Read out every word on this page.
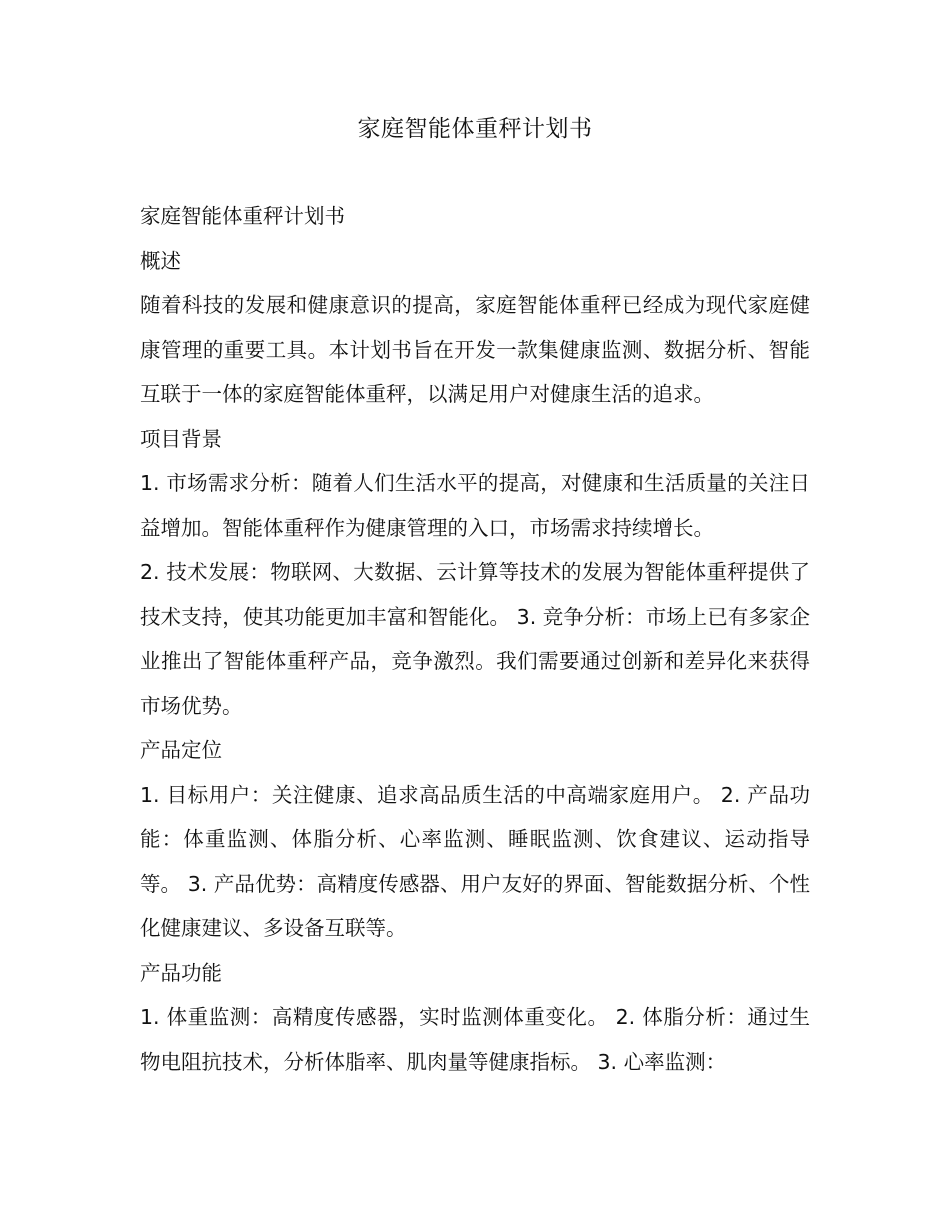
家庭智能体重秤计划书

家庭智能体重秤计划书

概述

随着科技的发展和健康意识的提高，家庭智能体重秤已经成为现代家庭健康管理的重要工具。本计划书旨在开发一款集健康监测、数据分析、智能互联于一体的家庭智能体重秤，以满足用户对健康生活的追求。

项目背景

1. 市场需求分析：随着人们生活水平的提高，对健康和生活质量的关注日益增加。智能体重秤作为健康管理的入口，市场需求持续增长。

2. 技术发展：物联网、大数据、云计算等技术的发展为智能体重秤提供了技术支持，使其功能更加丰富和智能化。 3. 竞争分析：市场上已有多家企业推出了智能体重秤产品，竞争激烈。我们需要通过创新和差异化来获得市场优势。

产品定位

1. 目标用户：关注健康、追求高品质生活的中高端家庭用户。 2. 产品功能：体重监测、体脂分析、心率监测、睡眠监测、饮食建议、运动指导等。 3. 产品优势：高精度传感器、用户友好的界面、智能数据分析、个性化健康建议、多设备互联等。

产品功能

1. 体重监测：高精度传感器，实时监测体重变化。 2. 体脂分析：通过生物电阻抗技术，分析体脂率、肌肉量等健康指标。 3. 心率监测：
